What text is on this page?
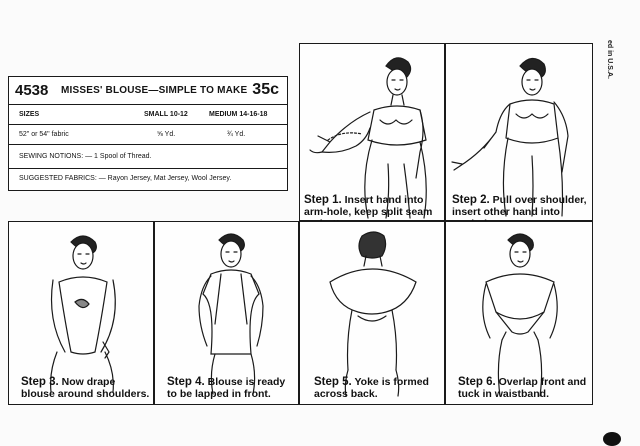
4538 MISSES' BLOUSE—SIMPLE TO MAKE 35c
SIZES	SMALL 10-12	MEDIUM 14-16-18
52" or 54" fabric	⅝ Yd.	¾ Yd.
SEWING NOTIONS: — 1 Spool of Thread.
SUGGESTED FABRICS: — Rayon Jersey, Mat Jersey, Wool Jersey.
Step 1. Insert hand into arm-hole, keep split seam
Step 2. Pull over shoulder, insert other hand into
Step 3. Now drape blouse around shoulders.
Step 4. Blouse is ready to be lapped in front.
Step 5. Yoke is formed across back.
Step 6. Overlap front and tuck in waistband.
ed in U.S.A.
